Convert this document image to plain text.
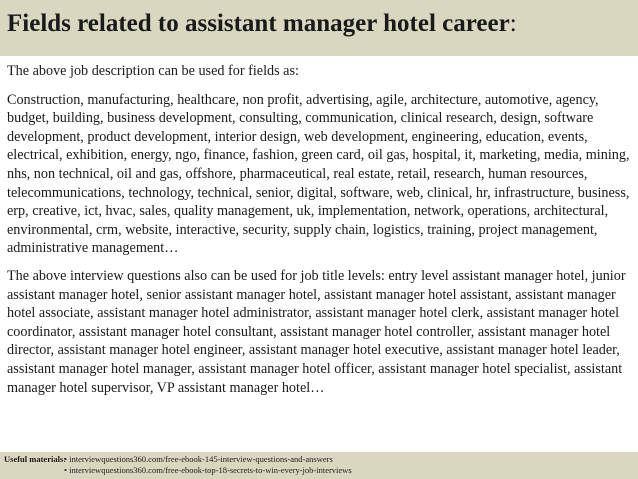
Fields related to assistant manager hotel career:

The above job description can be used for fields as:

Construction, manufacturing, healthcare, non profit, advertising, agile, architecture, automotive, agency, budget, building, business development, consulting, communication, clinical research, design, software development, product development, interior design, web development, engineering, education, events, electrical, exhibition, energy, ngo, finance, fashion, green card, oil gas, hospital, it, marketing, media, mining, nhs, non technical, oil and gas, offshore, pharmaceutical, real estate, retail, research, human resources, telecommunications, technology, technical, senior, digital, software, web, clinical, hr, infrastructure, business, erp, creative, ict, hvac, sales, quality management, uk, implementation, network, operations, architectural, environmental, crm, website, interactive, security, supply chain, logistics, training, project management, administrative management…

The above interview questions also can be used for job title levels: entry level assistant manager hotel, junior assistant manager hotel, senior assistant manager hotel, assistant manager hotel assistant, assistant manager hotel associate, assistant manager hotel administrator, assistant manager hotel clerk, assistant manager hotel coordinator, assistant manager hotel consultant, assistant manager hotel controller, assistant manager hotel director, assistant manager hotel engineer, assistant manager hotel executive, assistant manager hotel leader, assistant manager hotel manager, assistant manager hotel officer, assistant manager hotel specialist, assistant manager hotel supervisor, VP assistant manager hotel…

Useful materials:• interviewquestions360.com/free-ebook-145-interview-questions-and-answers
• interviewquestions360.com/free-ebook-top-18-secrets-to-win-every-job-interviews
